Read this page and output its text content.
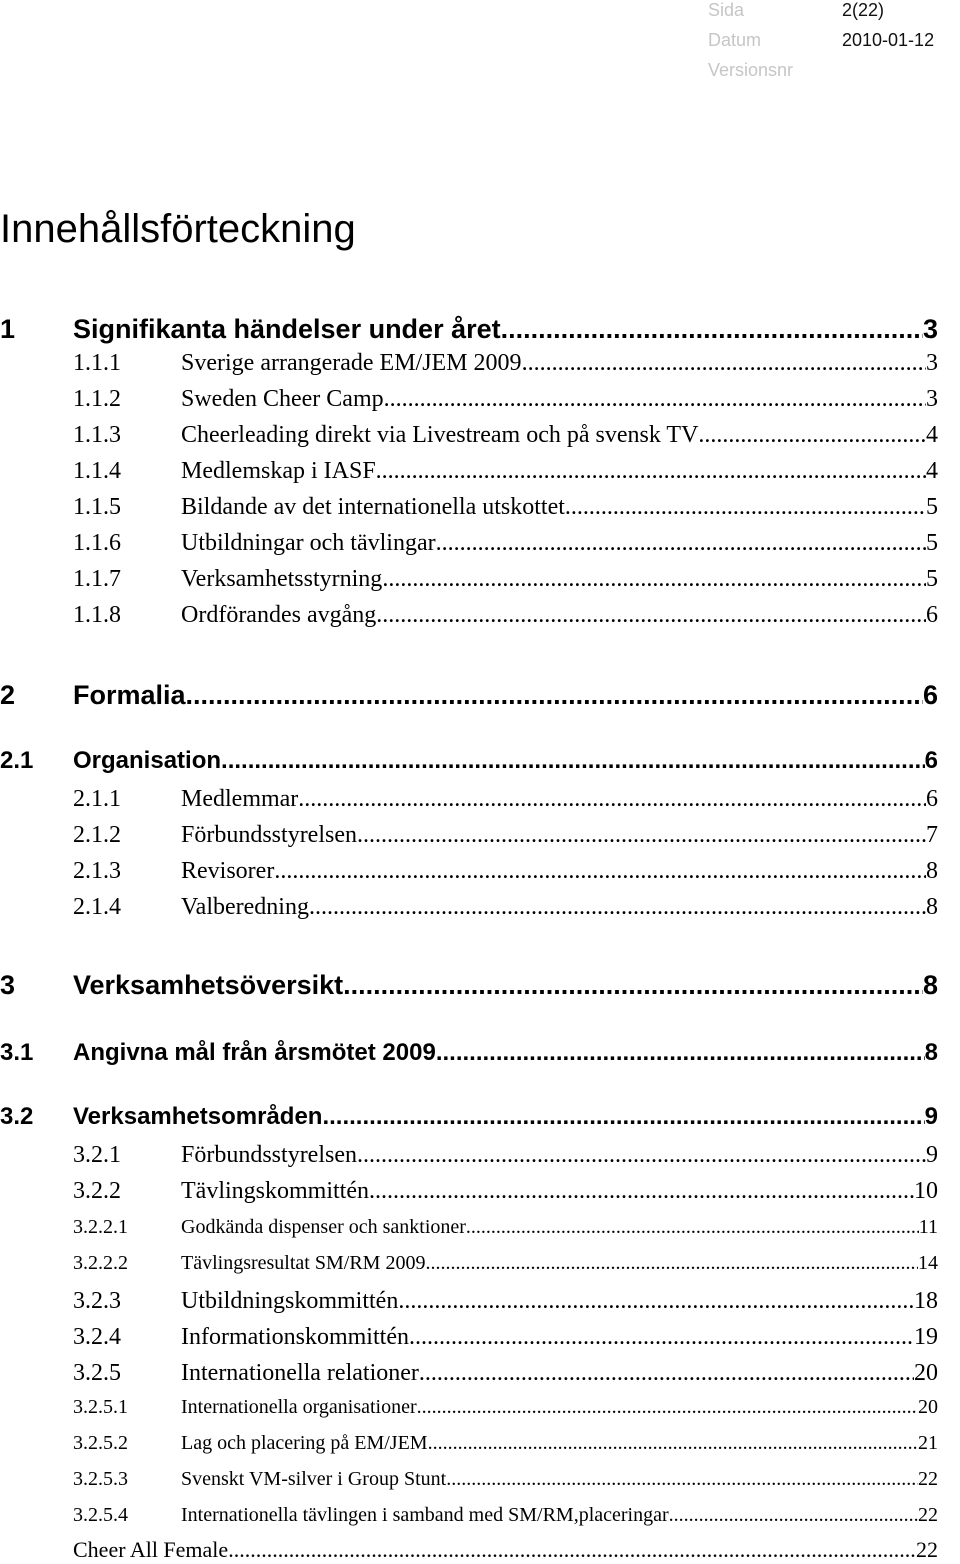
Sida	2(22)
Datum	2010-01-12
Versionsnr
Innehållsförteckning
1	Signifikanta händelser under året .....	3
1.1.1	Sverige arrangerade EM/JEM 2009 .....	3
1.1.2	Sweden Cheer Camp .....	3
1.1.3	Cheerleading direkt via Livestream och på svensk TV .....	4
1.1.4	Medlemskap i IASF .....	4
1.1.5	Bildande av det internationella utskottet .....	5
1.1.6	Utbildningar och tävlingar .....	5
1.1.7	Verksamhetsstyrning .....	5
1.1.8	Ordförandes avgång .....	6
2	Formalia .....	6
2.1	Organisation .....	6
2.1.1	Medlemmar .....	6
2.1.2	Förbundsstyrelsen .....	7
2.1.3	Revisorer .....	8
2.1.4	Valberedning .....	8
3	Verksamhetsöversikt .....	8
3.1	Angivna mål från årsmötet 2009 .....	8
3.2	Verksamhetsområden .....	9
3.2.1	Förbundsstyrelsen .....	9
3.2.2	Tävlingskommittén .....	10
3.2.2.1	Godkända dispenser och sanktioner .....	11
3.2.2.2	Tävlingsresultat SM/RM 2009 .....	14
3.2.3	Utbildningskommittén .....	18
3.2.4	Informationskommittén .....	19
3.2.5	Internationella relationer .....	20
3.2.5.1	Internationella organisationer .....	20
3.2.5.2	Lag och placering på EM/JEM. .....	21
3.2.5.3	Svenskt VM-silver i Group Stunt .....	22
3.2.5.4	Internationella tävlingen i samband med SM/RM,placeringar .....	22
Cheer All Female .....	22
